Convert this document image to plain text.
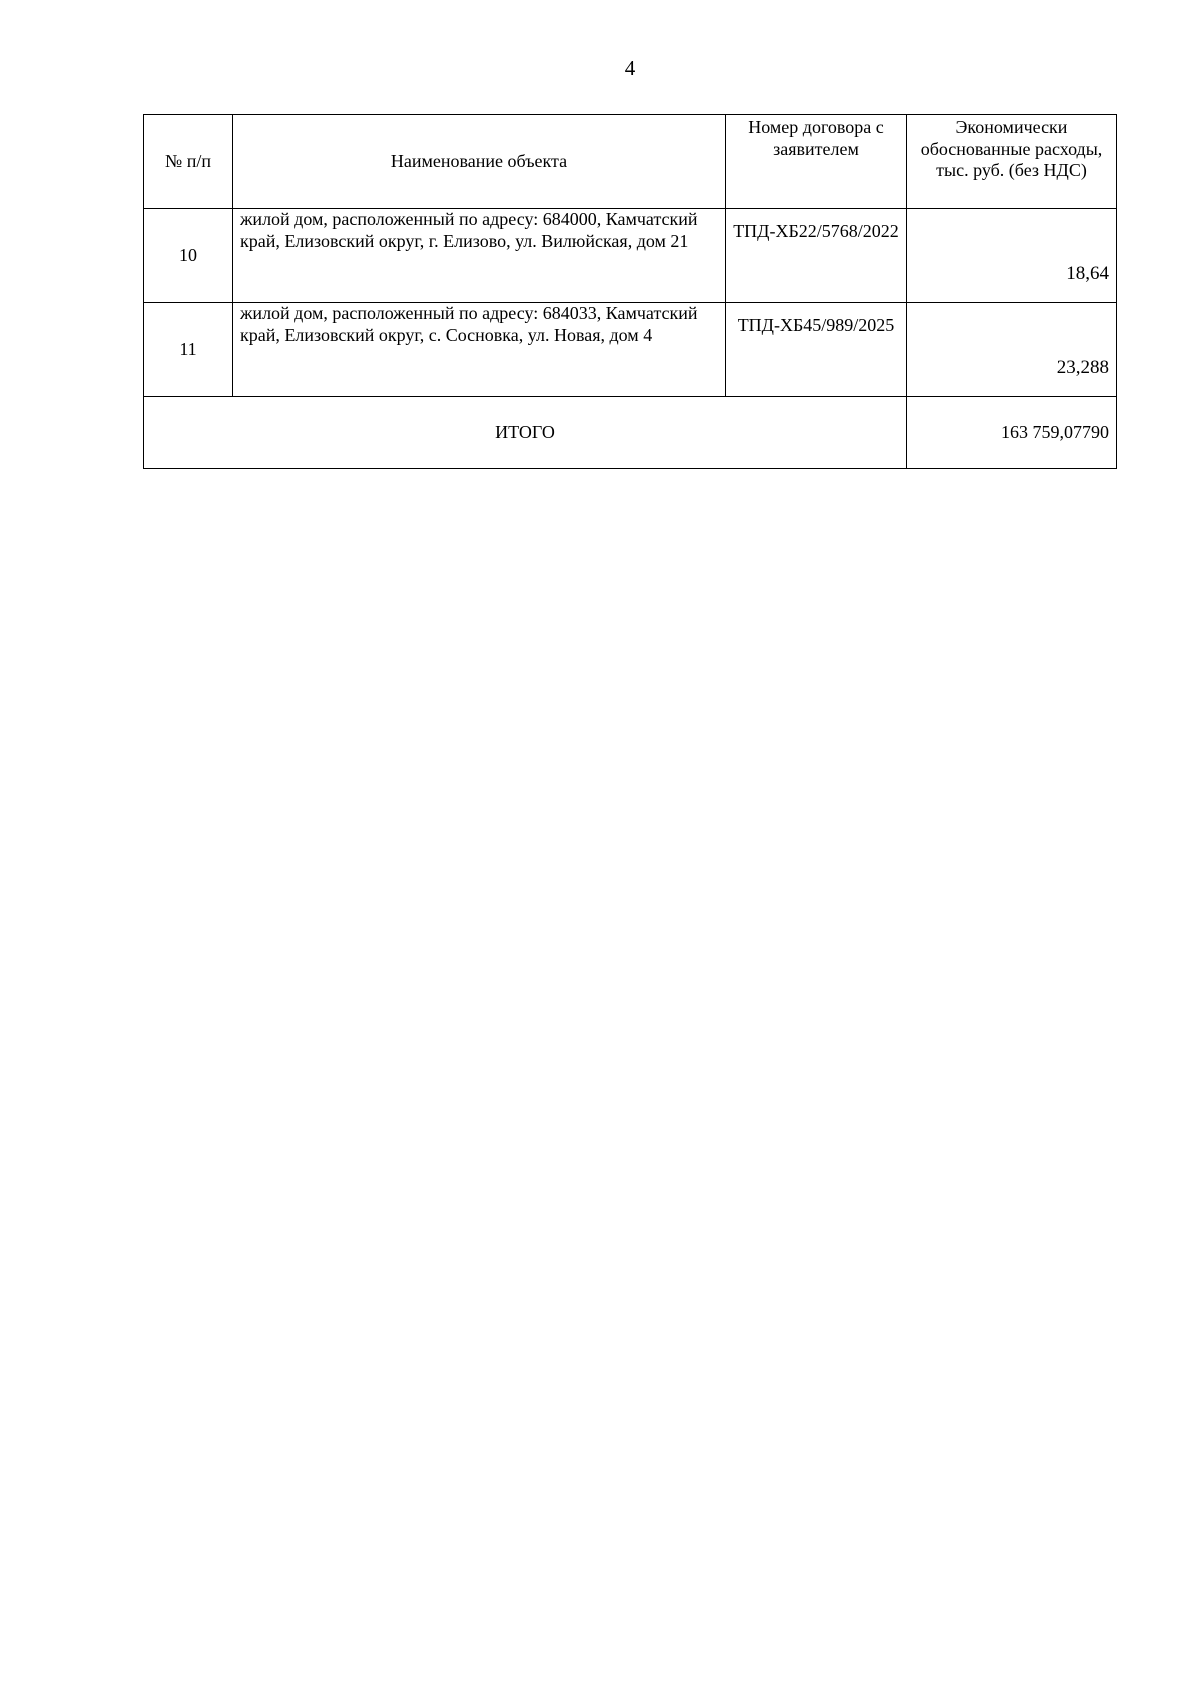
4
№ п/п	Наименование объекта	Номер договора с заявителем	Экономически обоснованные расходы, тыс. руб. (без НДС)
10	жилой дом, расположенный по адресу: 684000, Камчатский край, Елизовский округ, г. Елизово, ул. Вилюйская, дом 21	ТПД-ХБ22/5768/2022	18,64
11	жилой дом, расположенный по адресу: 684033, Камчатский край, Елизовский округ, с. Сосновка, ул. Новая, дом 4	ТПД-ХБ45/989/2025	23,288
ИТОГО			163 759,07790
